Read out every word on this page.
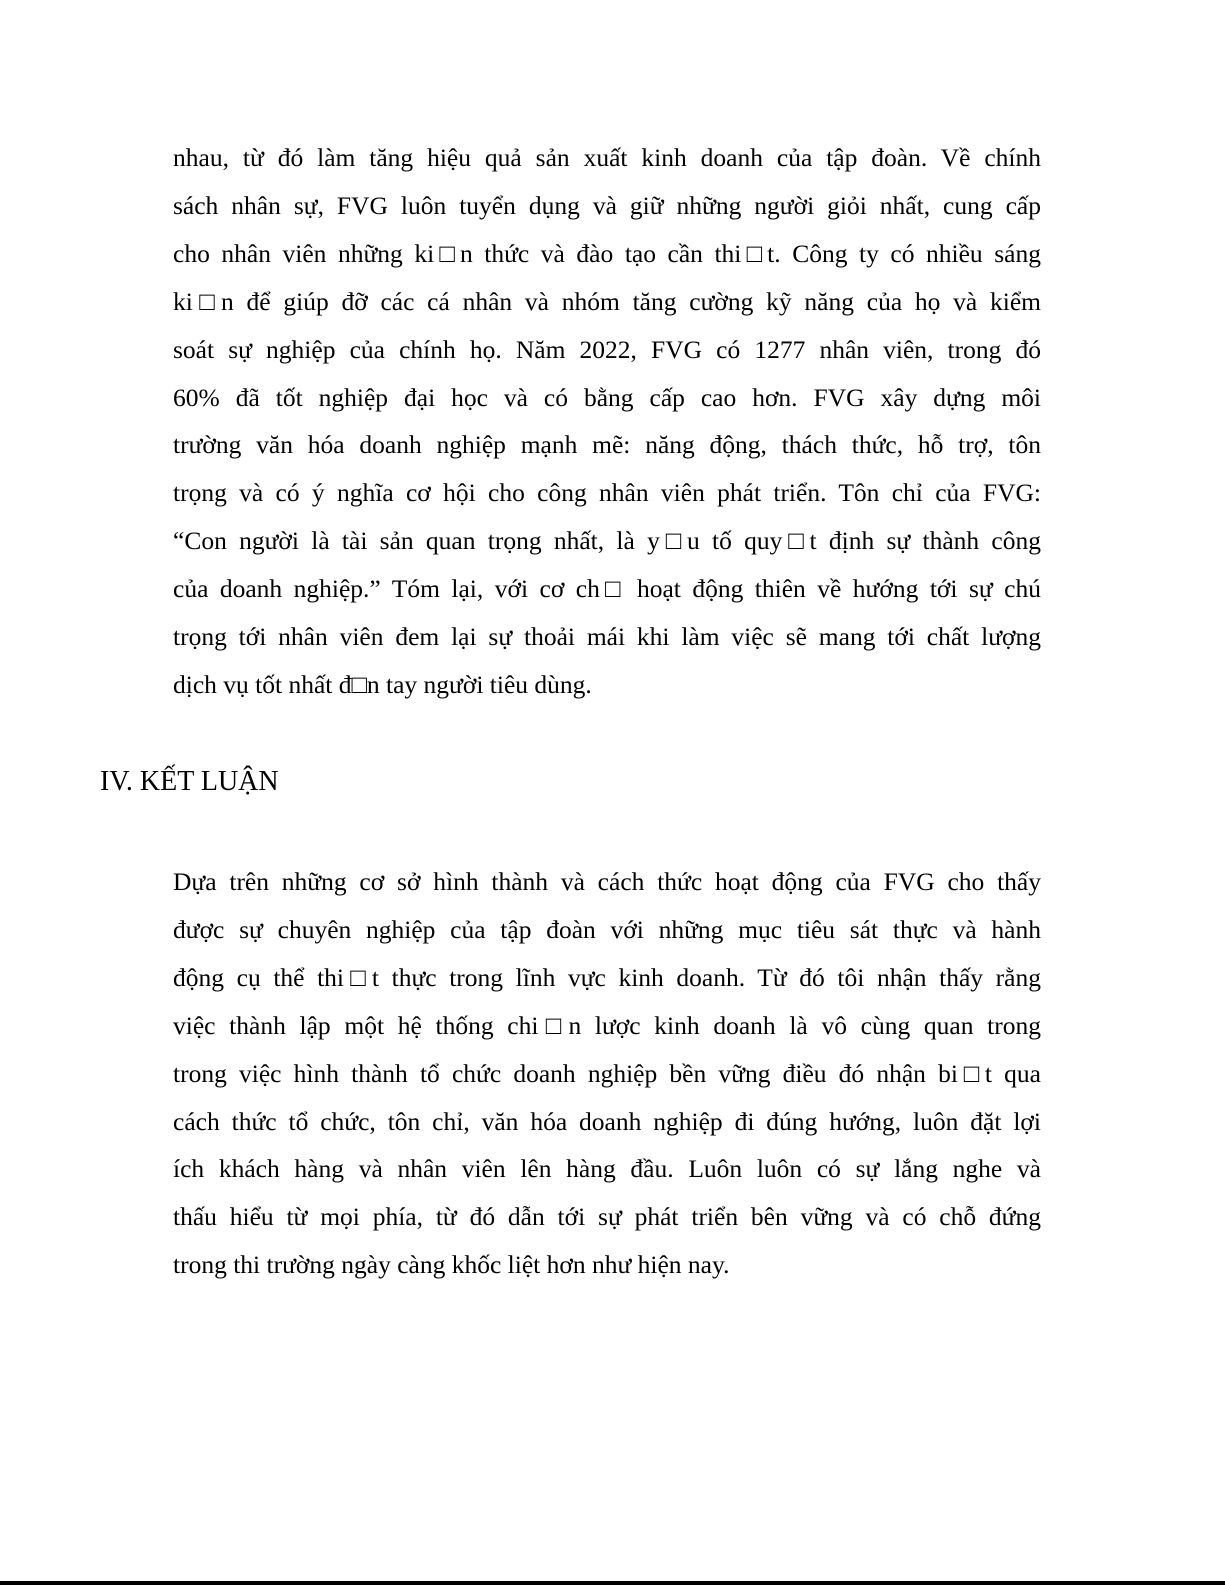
nhau, từ đó làm tăng hiệu quả sản xuất kinh doanh của tập đoàn. Về chính
sách nhân sự, FVG luôn tuyển dụng và giữ những người giỏi nhất, cung cấp
cho nhân viên những ki□n thức và đào tạo cần thi□t. Công ty có nhiều sáng
ki□n để giúp đỡ các cá nhân và nhóm tăng cường kỹ năng của họ và kiểm
soát sự nghiệp của chính họ. Năm 2022, FVG có 1277 nhân viên, trong đó
60% đã tốt nghiệp đại học và có bằng cấp cao hơn. FVG xây dựng môi
trường văn hóa doanh nghiệp mạnh mẽ: năng động, thách thức, hỗ trợ, tôn
trọng và có ý nghĩa cơ hội cho công nhân viên phát triển. Tôn chỉ của FVG:
“Con người là tài sản quan trọng nhất, là y□u tố quy□t định sự thành công
của doanh nghiệp.” Tóm lại, với cơ ch□ hoạt động thiên về hướng tới sự chú
trọng tới nhân viên đem lại sự thoải mái khi làm việc sẽ mang tới chất lượng
dịch vụ tốt nhất đ□n tay người tiêu dùng.

IV. KẾT LUẬN

Dựa trên những cơ sở hình thành và cách thức hoạt động của FVG cho thấy
được sự chuyên nghiệp của tập đoàn với những mục tiêu sát thực và hành
động cụ thể thi□t thực trong lĩnh vực kinh doanh. Từ đó tôi nhận thấy rằng
việc thành lập một hệ thống chi□n lược kinh doanh là vô cùng quan trong
trong việc hình thành tổ chức doanh nghiệp bền vững điều đó nhận bi□t qua
cách thức tổ chức, tôn chỉ, văn hóa doanh nghiệp đi đúng hướng, luôn đặt lợi
ích khách hàng và nhân viên lên hàng đầu. Luôn luôn có sự lắng nghe và
thấu hiểu từ mọi phía, từ đó dẫn tới sự phát triển bên vững và có chỗ đứng
trong thi trường ngày càng khốc liệt hơn như hiện nay.
